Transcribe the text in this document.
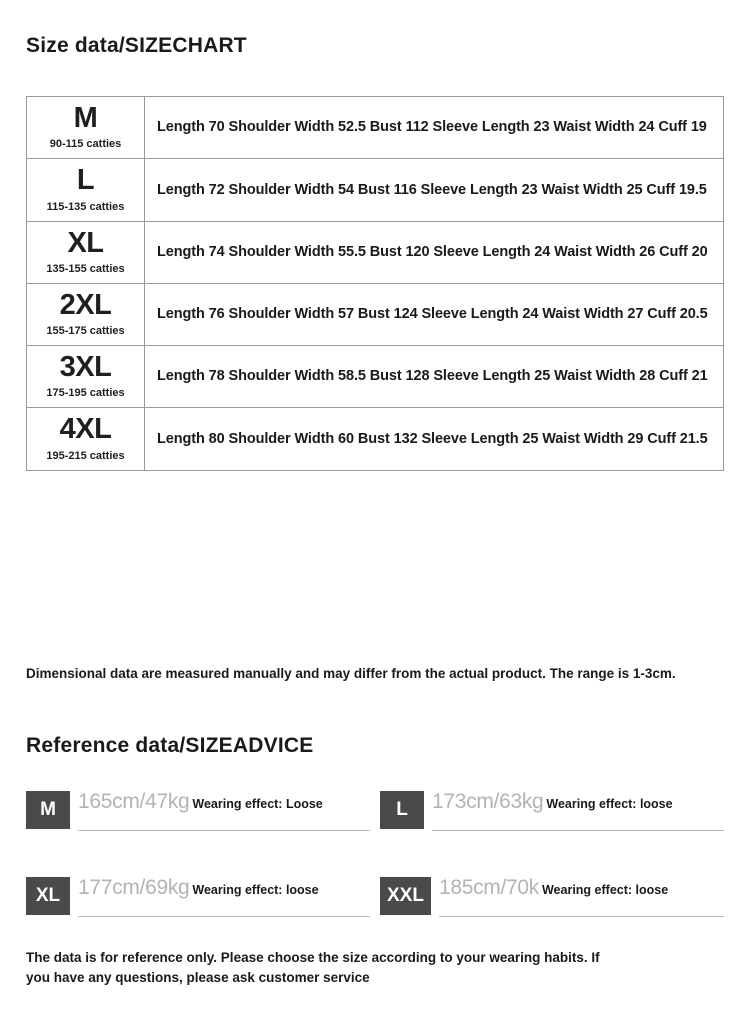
Size data/SIZECHART
M
90-115 catties	Length 70 Shoulder Width 52.5 Bust 112 Sleeve Length 23 Waist Width 24 Cuff 19

L
115-135 catties	Length 72 Shoulder Width 54 Bust 116 Sleeve Length 23 Waist Width 25 Cuff 19.5

XL
135-155 catties	Length 74 Shoulder Width 55.5 Bust 120 Sleeve Length 24 Waist Width 26 Cuff 20

2XL
155-175 catties	Length 76 Shoulder Width 57 Bust 124 Sleeve Length 24 Waist Width 27 Cuff 20.5

3XL
175-195 catties	Length 78 Shoulder Width 58.5 Bust 128 Sleeve Length 25 Waist Width 28 Cuff 21

4XL
195-215 catties	Length 80 Shoulder Width 60 Bust 132 Sleeve Length 25 Waist Width 29 Cuff 21.5
Dimensional data are measured manually and may differ from the actual product. The range is 1-3cm.
Reference data/SIZEADVICE
M	165cm/47kg Wearing effect: Loose	L	173cm/63kg Wearing effect: loose
XL 177cm/69kg Wearing effect: loose	XXL 185cm/70k Wearing effect: loose
The data is for reference only. Please choose the size according to your wearing habits. If you have any questions, please ask customer service
